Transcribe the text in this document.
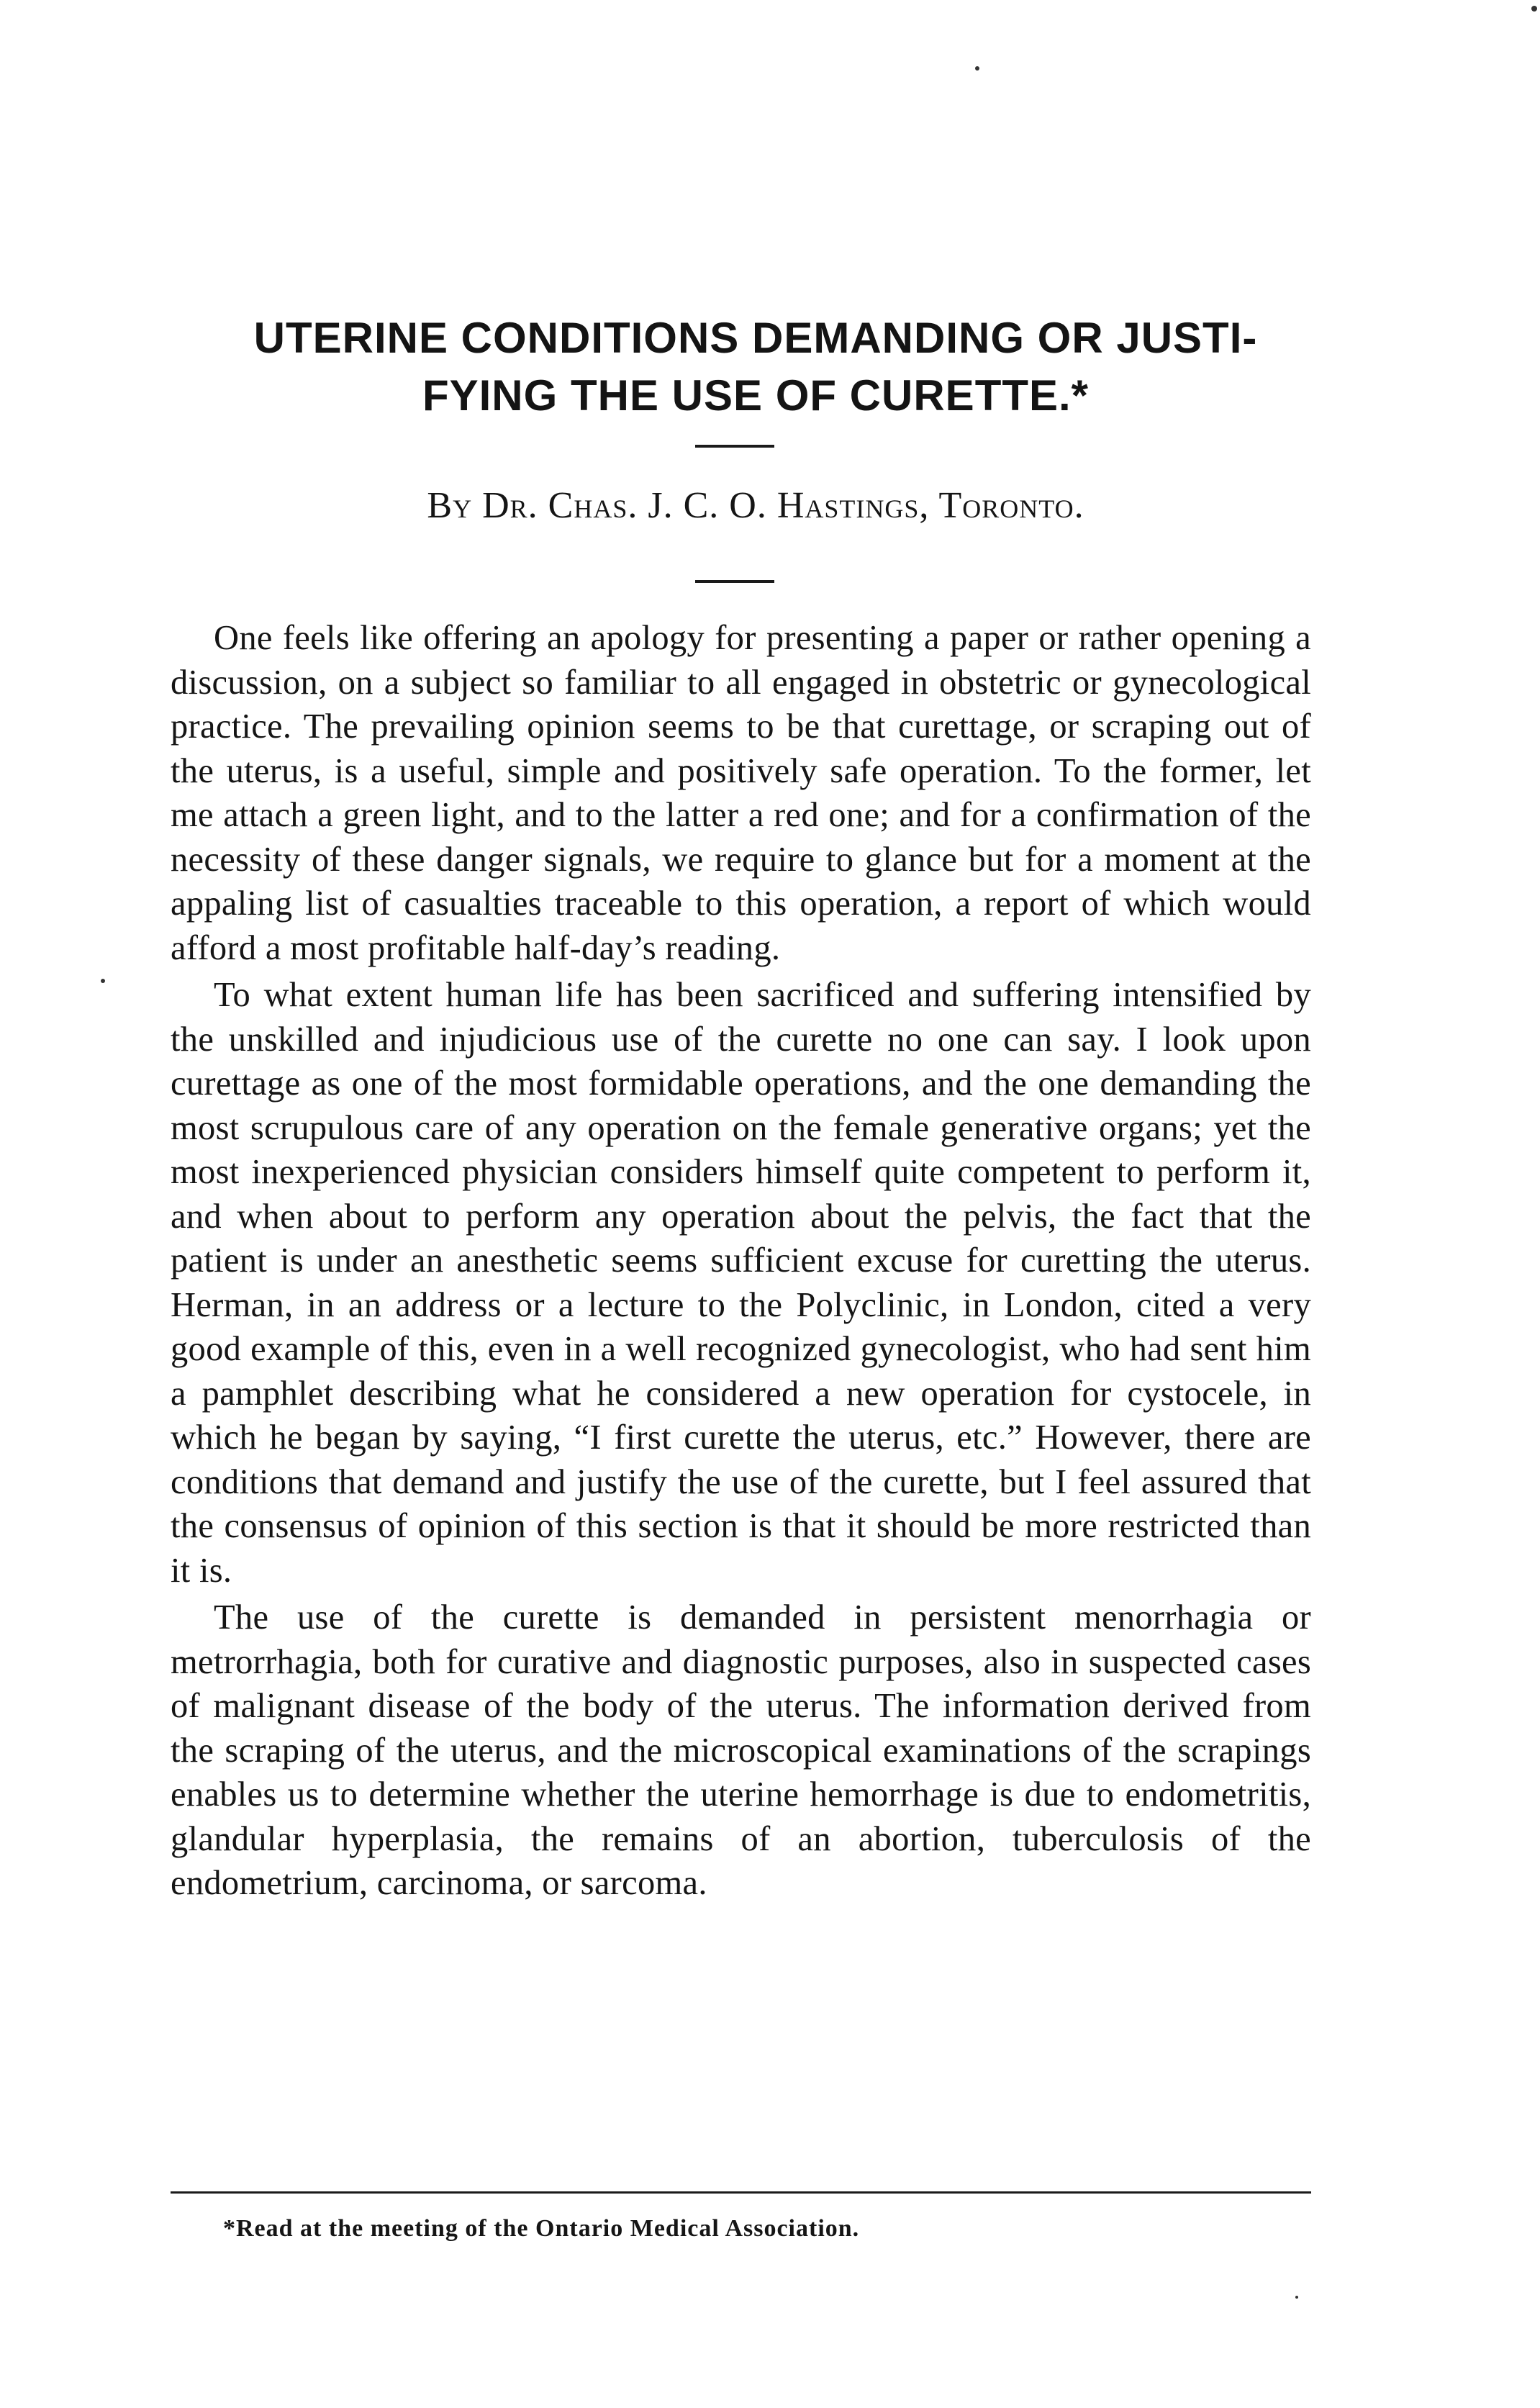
UTERINE CONDITIONS DEMANDING OR JUSTI-
FYING THE USE OF CURETTE.*

By Dr. Chas. J. C. O. Hastings, Toronto.

One feels like offering an apology for presenting a paper or rather opening a discussion, on a subject so familiar to all engaged in obstetric or gynecological practice. The prevailing opinion seems to be that curettage, or scraping out of the uterus, is a useful, simple and positively safe operation. To the former, let me attach a green light, and to the latter a red one; and for a confirmation of the necessity of these danger signals, we require to glance but for a moment at the appaling list of casualties traceable to this operation, a report of which would afford a most profitable half-day’s reading.

To what extent human life has been sacrificed and suffering intensified by the unskilled and injudicious use of the curette no one can say. I look upon curettage as one of the most formidable operations, and the one demanding the most scrupulous care of any operation on the female generative organs; yet the most inexperienced physician considers himself quite competent to perform it, and when about to perform any operation about the pelvis, the fact that the patient is under an anesthetic seems sufficient excuse for curetting the uterus. Herman, in an address or a lecture to the Polyclinic, in London, cited a very good example of this, even in a well recognized gynecologist, who had sent him a pamphlet describing what he considered a new operation for cystocele, in which he began by saying, “I first curette the uterus, etc.” However, there are conditions that demand and justify the use of the curette, but I feel assured that the consensus of opinion of this section is that it should be more restricted than it is.

The use of the curette is demanded in persistent menorrhagia or metrorrhagia, both for curative and diagnostic purposes, also in suspected cases of malignant disease of the body of the uterus. The information derived from the scraping of the uterus, and the microscopical examinations of the scrapings enables us to determine whether the uterine hemorrhage is due to endometritis, glandular hyperplasia, the remains of an abortion, tuberculosis of the endometrium, carcinoma, or sarcoma.

*Read at the meeting of the Ontario Medical Association.
